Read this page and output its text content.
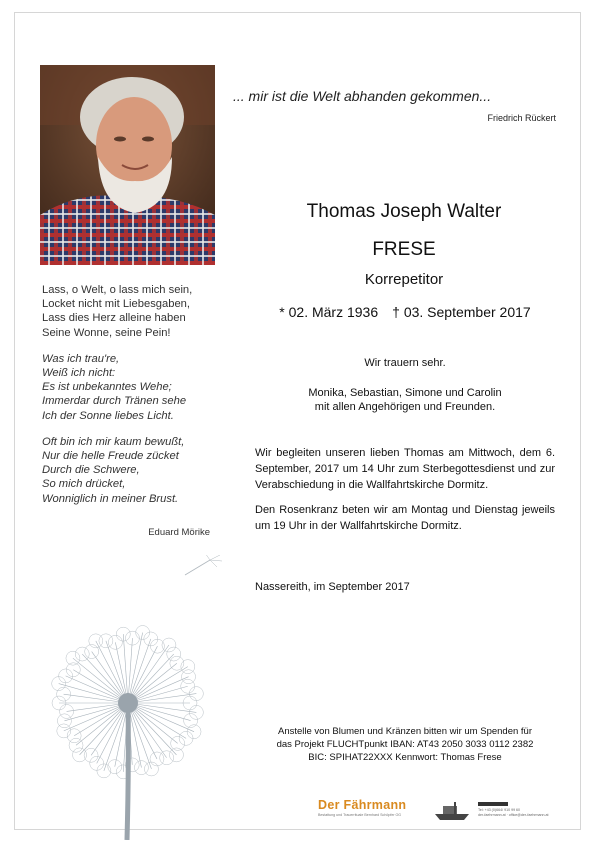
Lass, o Welt, o lass mich sein,
Locket nicht mit Liebesgaben,
Lass dies Herz alleine haben
Seine Wonne, seine Pein!
Was ich trau're,
Weiß ich nicht:
Es ist unbekanntes Wehe;
Immerdar durch Tränen sehe
Ich der Sonne liebes Licht.
Oft bin ich mir kaum bewußt,
Nur die helle Freude zücket
Durch die Schwere,
So mich drücket,
Wonniglich in meiner Brust.
Eduard Mörike
... mir ist die Welt abhanden gekommen...
Friedrich Rückert
Thomas Joseph Walter
FRESE
Korrepetitor
* 02. März 1936 † 03. September 2017
Wir trauern sehr.
Monika, Sebastian, Simone und Carolin
mit allen Angehörigen und Freunden.

Wir begleiten unseren lieben Thomas am Mittwoch, dem 6. September, 2017 um 14 Uhr zum Sterbegottesdienst und zur Verabschiedung in die Wallfahrtskirche Dormitz.

Den Rosenkranz beten wir am Montag und Dienstag jeweils um 19 Uhr in der Wallfahrtskirche Dormitz.

Nassereith, im September 2017
Anstelle von Blumen und Kränzen bitten wir um Spenden für
das Projekt FLUCHTpunkt IBAN: AT43 2050 3033 0112 2382
BIC: SPIHAT22XXX Kennwort: Thomas Frese
Der Fährmann
Bestattung und Trauerrituale Bernhard Schöpfer OG
Tel: +43 (0)664/ 910 99 60
der-faehrmann.at · office@der-faehrmann.at
